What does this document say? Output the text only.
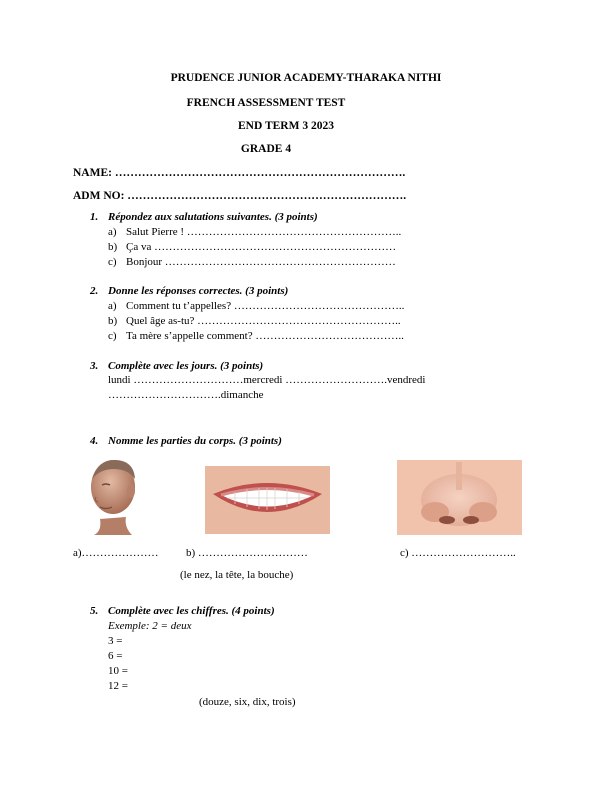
PRUDENCE JUNIOR ACADEMY-THARAKA NITHI
FRENCH ASSESSMENT TEST
END TERM 3 2023
GRADE 4
NAME: ………………………………………………………………….
ADM NO: ……………………………………………………………….
1. Répondez aux salutations suivantes. (3 points)
a) Salut Pierre ! …………………………………………………..
b) Ça va …………………………………………………………
c) Bonjour ………………………………………………………
2. Donne les réponses correctes. (3 points)
a) Comment tu t’appelles? ………………………………………..
b) Quel âge as-tu? ………………………………………………..
c) Ta mère s’appelle comment? …………………………………..
3. Complète avec les jours. (3 points)
lundi …………………………mercredi ……………………….vendredi
………………………….dimanche
4. Nomme les parties du corps. (3 points)
a)………………… b) …………………………	c) ………………………..
(le nez, la tête, la bouche)
5. Complète avec les chiffres. (4 points)
Exemple: 2 = deux
3 =
6 =
10 =
12 =
(douze, six, dix, trois)
